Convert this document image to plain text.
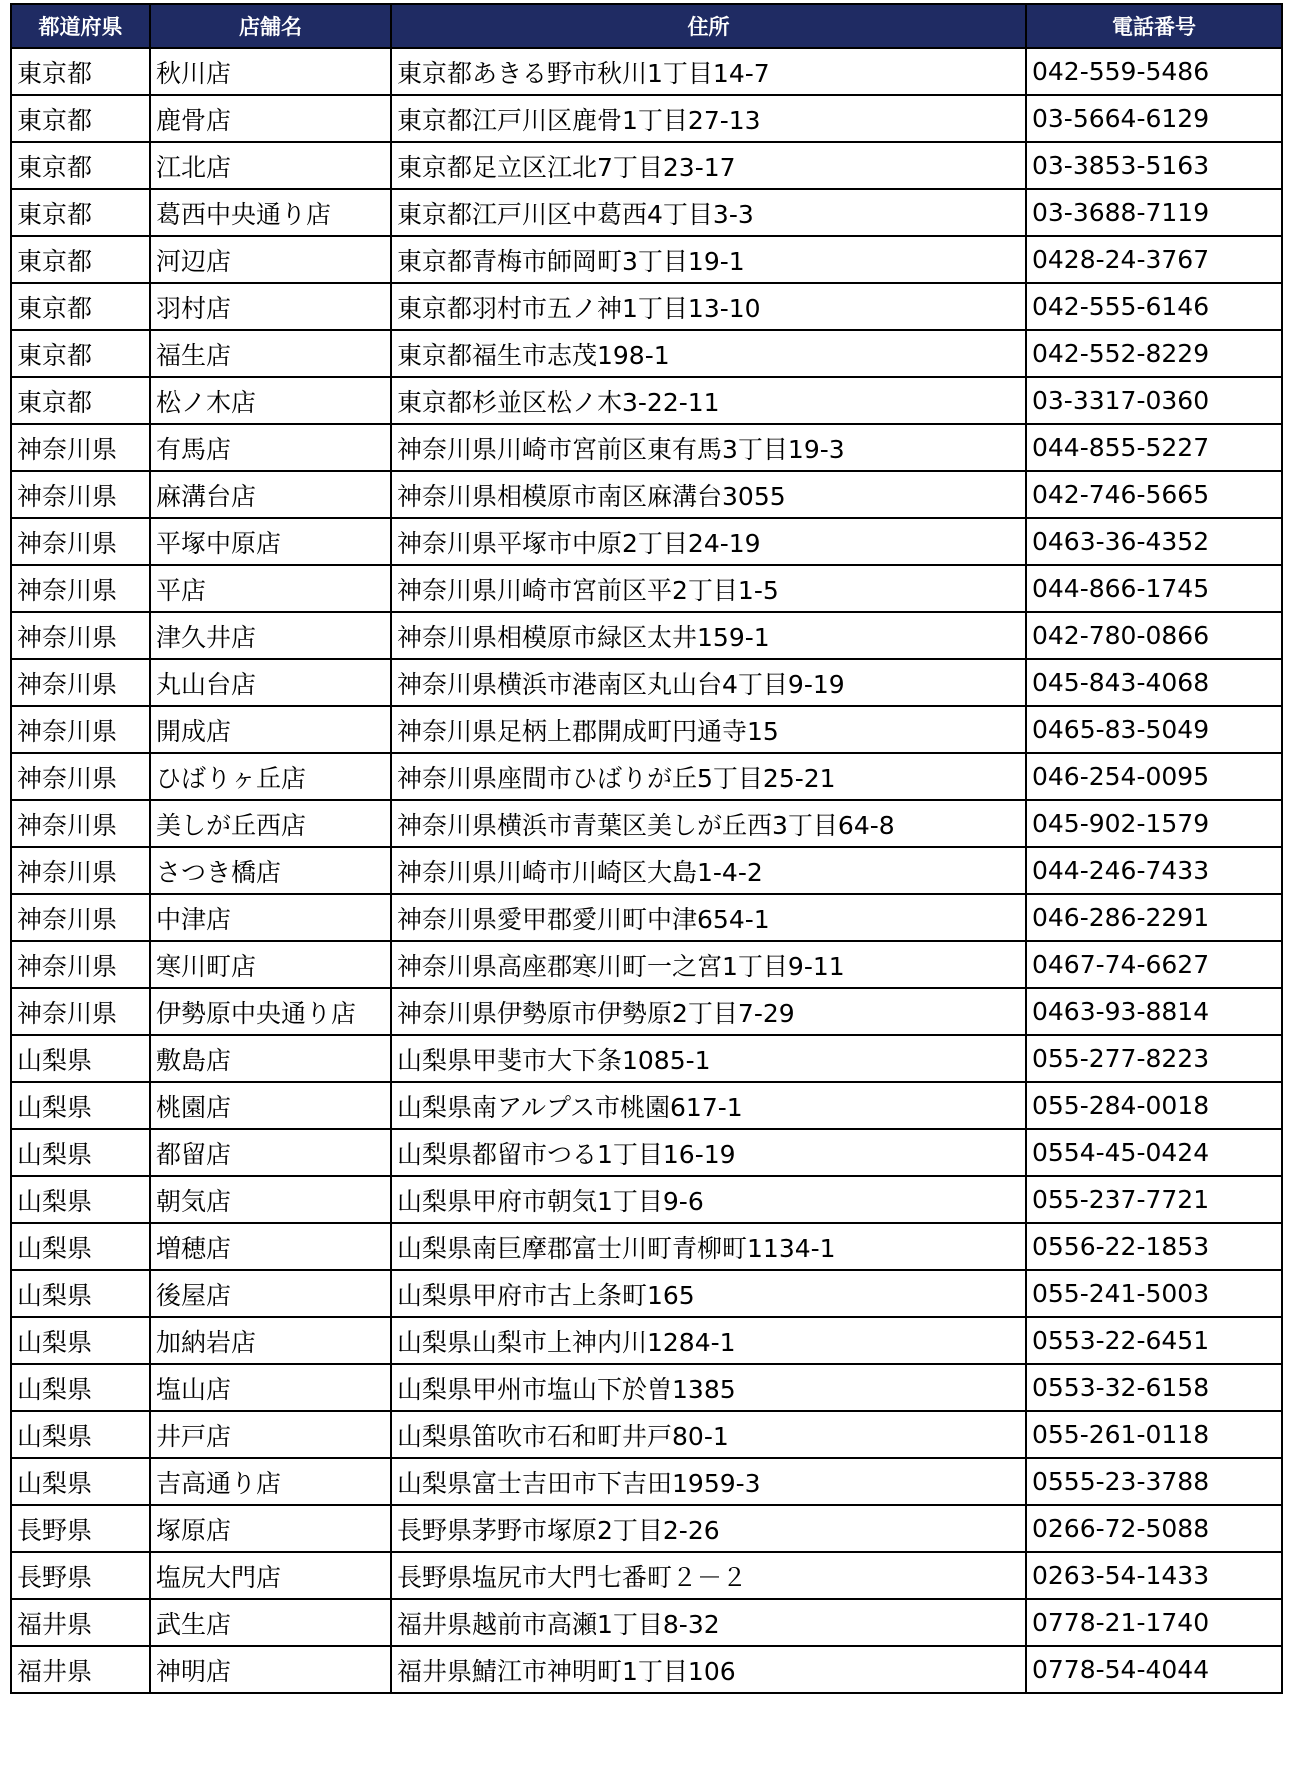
都道府県	店舗名	住所	電話番号
東京都	秋川店	東京都あきる野市秋川1丁目14-7	042-559-5486
東京都	鹿骨店	東京都江戸川区鹿骨1丁目27-13	03-5664-6129
東京都	江北店	東京都足立区江北7丁目23-17	03-3853-5163
東京都	葛西中央通り店	東京都江戸川区中葛西4丁目3-3	03-3688-7119
東京都	河辺店	東京都青梅市師岡町3丁目19-1	0428-24-3767
東京都	羽村店	東京都羽村市五ノ神1丁目13-10	042-555-6146
東京都	福生店	東京都福生市志茂198-1	042-552-8229
東京都	松ノ木店	東京都杉並区松ノ木3-22-11	03-3317-0360
神奈川県	有馬店	神奈川県川崎市宮前区東有馬3丁目19-3	044-855-5227
神奈川県	麻溝台店	神奈川県相模原市南区麻溝台3055	042-746-5665
神奈川県	平塚中原店	神奈川県平塚市中原2丁目24-19	0463-36-4352
神奈川県	平店	神奈川県川崎市宮前区平2丁目1-5	044-866-1745
神奈川県	津久井店	神奈川県相模原市緑区太井159-1	042-780-0866
神奈川県	丸山台店	神奈川県横浜市港南区丸山台4丁目9-19	045-843-4068
神奈川県	開成店	神奈川県足柄上郡開成町円通寺15	0465-83-5049
神奈川県	ひばりヶ丘店	神奈川県座間市ひばりが丘5丁目25-21	046-254-0095
神奈川県	美しが丘西店	神奈川県横浜市青葉区美しが丘西3丁目64-8	045-902-1579
神奈川県	さつき橋店	神奈川県川崎市川崎区大島1-4-2	044-246-7433
神奈川県	中津店	神奈川県愛甲郡愛川町中津654-1	046-286-2291
神奈川県	寒川町店	神奈川県高座郡寒川町一之宮1丁目9-11	0467-74-6627
神奈川県	伊勢原中央通り店	神奈川県伊勢原市伊勢原2丁目7-29	0463-93-8814
山梨県	敷島店	山梨県甲斐市大下条1085-1	055-277-8223
山梨県	桃園店	山梨県南アルプス市桃園617-1	055-284-0018
山梨県	都留店	山梨県都留市つる1丁目16-19	0554-45-0424
山梨県	朝気店	山梨県甲府市朝気1丁目9-6	055-237-7721
山梨県	増穂店	山梨県南巨摩郡富士川町青柳町1134-1	0556-22-1853
山梨県	後屋店	山梨県甲府市古上条町165	055-241-5003
山梨県	加納岩店	山梨県山梨市上神内川1284-1	0553-22-6451
山梨県	塩山店	山梨県甲州市塩山下於曽1385	0553-32-6158
山梨県	井戸店	山梨県笛吹市石和町井戸80-1	055-261-0118
山梨県	吉高通り店	山梨県富士吉田市下吉田1959-3	0555-23-3788
長野県	塚原店	長野県茅野市塚原2丁目2-26	0266-72-5088
長野県	塩尻大門店	長野県塩尻市大門七番町２－２	0263-54-1433
福井県	武生店	福井県越前市高瀬1丁目8-32	0778-21-1740
福井県	神明店	福井県鯖江市神明町1丁目106	0778-54-4044
